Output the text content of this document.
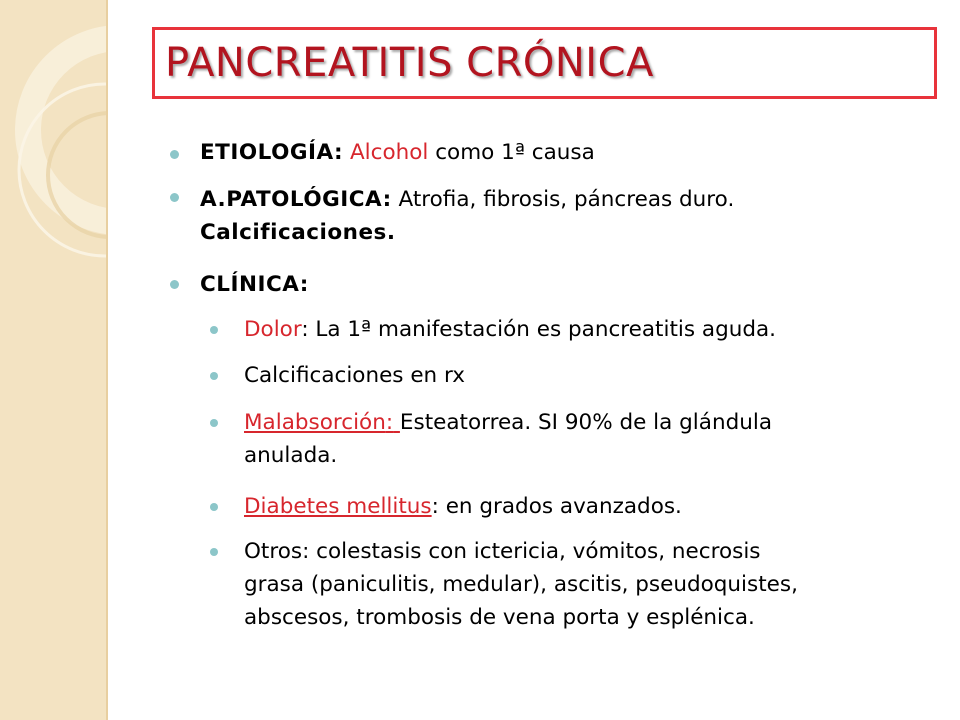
PANCREATITIS CRÓNICA
ETIOLOGÍA: Alcohol como 1ª causa
A.PATOLÓGICA: Atrofia, fibrosis, páncreas duro.
Calcificaciones.
CLÍNICA:
Dolor: La 1ª manifestación es pancreatitis aguda.
Calcificaciones en rx
Malabsorción: Esteatorrea. SI 90% de la glándula
anulada.
Diabetes mellitus: en grados avanzados.
Otros: colestasis con ictericia, vómitos, necrosis
grasa (paniculitis, medular), ascitis, pseudoquistes,
abscesos, trombosis de vena porta y esplénica.
